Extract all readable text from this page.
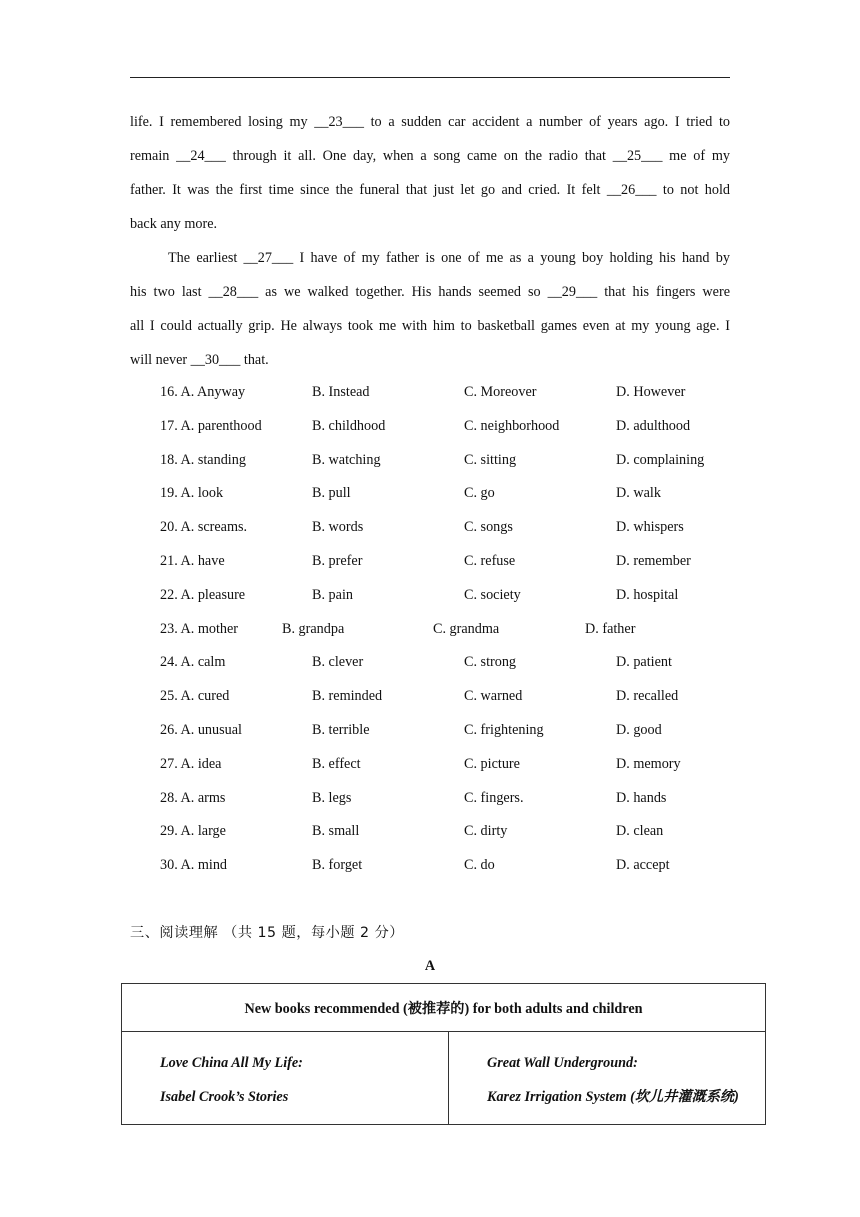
life. I remembered losing my __23___ to a sudden car accident a number of years ago. I tried to
remain __24___ through it all. One day, when a song came on the radio that __25___ me of my
father. It was the first time since the funeral that just let go and cried. It felt __26___ to not hold
back any more.
The earliest __27___ I have of my father is one of me as a young boy holding his hand by
his two last __28___ as we walked together. His hands seemed so __29___ that his fingers were
all I could actually grip. He always took me with him to basketball games even at my young age. I
will never __30___ that.
16. A. Anyway	B. Instead	C. Moreover	D. However
17. A. parenthood	B. childhood	C. neighborhood	D. adulthood
18. A. standing	B. watching	C. sitting	D. complaining
19. A. look	B. pull	C. go	D. walk
20. A. screams.	B. words	C. songs	D. whispers
21. A. have	B. prefer	C. refuse	D. remember
22. A. pleasure	B. pain	C. society	D. hospital
23. A. mother	B. grandpa	C. grandma	D. father
24. A. calm	B. clever	C. strong	D. patient
25. A. cured	B. reminded	C. warned	D. recalled
26. A. unusual	B. terrible	C. frightening	D. good
27. A. idea	B. effect	C. picture	D. memory
28. A. arms	B. legs	C. fingers.	D. hands
29. A. large	B. small	C. dirty	D. clean
30. A. mind	B. forget	C. do	D. accept
三、阅读理解 （共 15 题，每小题 2 分）
A
New books recommended (被推荐的) for both adults and children

Love China All My Life:
Isabel Crook’s Stories

Great Wall Underground:
Karez Irrigation System (坎儿井灌溉系统)
